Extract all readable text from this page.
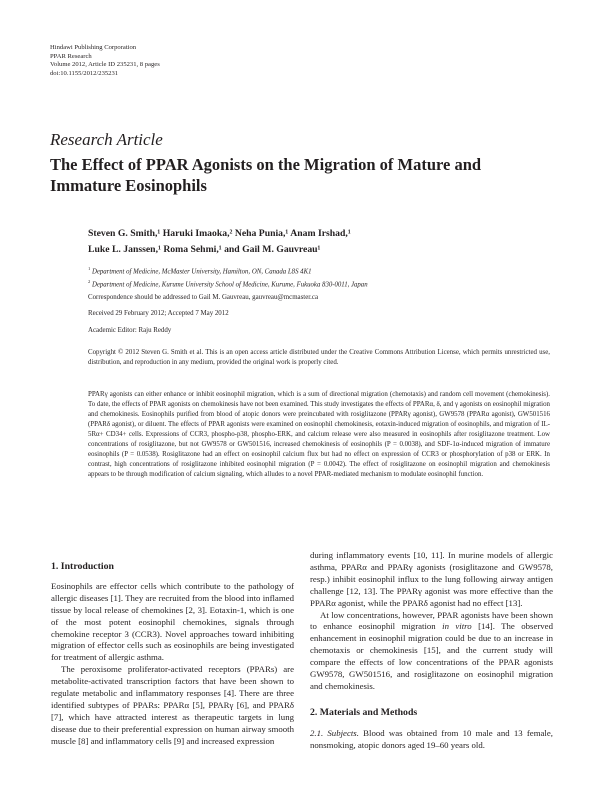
Hindawi Publishing Corporation
PPAR Research
Volume 2012, Article ID 235231, 8 pages
doi:10.1155/2012/235231
Research Article
The Effect of PPAR Agonists on the Migration of Mature and Immature Eosinophils
Steven G. Smith,¹ Haruki Imaoka,² Neha Punia,¹ Anam Irshad,¹
Luke L. Janssen,¹ Roma Sehmi,¹ and Gail M. Gauvreau¹
$^1$ Department of Medicine, McMaster University, Hamilton, ON, Canada L8S 4K1
$^2$ Department of Medicine, Kurume University School of Medicine, Kurume, Fukuoka 830-0011, Japan
Correspondence should be addressed to Gail M. Gauvreau, gauvreau@mcmaster.ca
Received 29 February 2012; Accepted 7 May 2012
Academic Editor: Raju Reddy
Copyright © 2012 Steven G. Smith et al. This is an open access article distributed under the Creative Commons Attribution License, which permits unrestricted use, distribution, and reproduction in any medium, provided the original work is properly cited.

PPARγ agonists can either enhance or inhibit eosinophil migration, which is a sum of directional migration (chemotaxis) and random cell movement (chemokinesis). To date, the effects of PPAR agonists on chemokinesis have not been examined. This study investigates the effects of PPARα, δ, and γ agonists on eosinophil migration and chemokinesis. Eosinophils purified from blood of atopic donors were preincubated with rosiglitazone (PPARγ agonist), GW9578 (PPARα agonist), GW501516 (PPARδ agonist), or diluent. The effects of PPAR agonists were examined on eosinophil chemokinesis, eotaxin-induced migration of eosinophils, and migration of IL-5Rα+ CD34+ cells. Expressions of CCR3, phospho-p38, phospho-ERK, and calcium release were also measured in eosinophils after rosiglitazone treatment. Low concentrations of rosiglitazone, but not GW9578 or GW501516, increased chemokinesis of eosinophils (P = 0.0038), and SDF-1α-induced migration of immature eosinophils (P = 0.0538). Rosiglitazone had an effect on eosinophil calcium flux but had no effect on expression of CCR3 or phosphorylation of p38 or ERK. In contrast, high concentrations of rosiglitazone inhibited eosinophil migration (P = 0.0042). The effect of rosiglitazone on eosinophil migration and chemokinesis appears to be through modification of calcium signaling, which alludes to a novel PPAR-mediated mechanism to modulate eosinophil function.

1. Introduction

Eosinophils are effector cells which contribute to the pathology of allergic diseases [1]. They are recruited from the blood into inflamed tissue by local release of chemokines [2, 3]. Eotaxin-1, which is one of the most potent eosinophil chemokines, signals through chemokine receptor 3 (CCR3). Novel approaches toward inhibiting migration of effector cells such as eosinophils are being investigated for treatment of allergic asthma.

The peroxisome proliferator-activated receptors (PPARs) are metabolite-activated transcription factors that have been shown to regulate metabolic and inflammatory responses [4]. There are three identified subtypes of PPARs: PPARα [5], PPARγ [6], and PPARδ [7], which have attracted interest as therapeutic targets in lung disease due to their preferential expression on human airway smooth muscle [8] and inflammatory cells [9] and increased expression

during inflammatory events [10, 11]. In murine models of allergic asthma, PPARα and PPARγ agonists (rosiglitazone and GW9578, resp.) inhibit eosinophil influx to the lung following airway antigen challenge [12, 13]. The PPARγ agonist was more effective than the PPARα agonist, while the PPARδ agonist had no effect [13].

At low concentrations, however, PPAR agonists have been shown to enhance eosinophil migration in vitro [14]. The observed enhancement in eosinophil migration could be due to an increase in chemotaxis or chemokinesis [15], and the current study will compare the effects of low concentrations of the PPAR agonists GW9578, GW501516, and rosiglitazone on eosinophil migration and chemokinesis.

2. Materials and Methods

2.1. Subjects. Blood was obtained from 10 male and 13 female, nonsmoking, atopic donors aged 19–60 years old.
